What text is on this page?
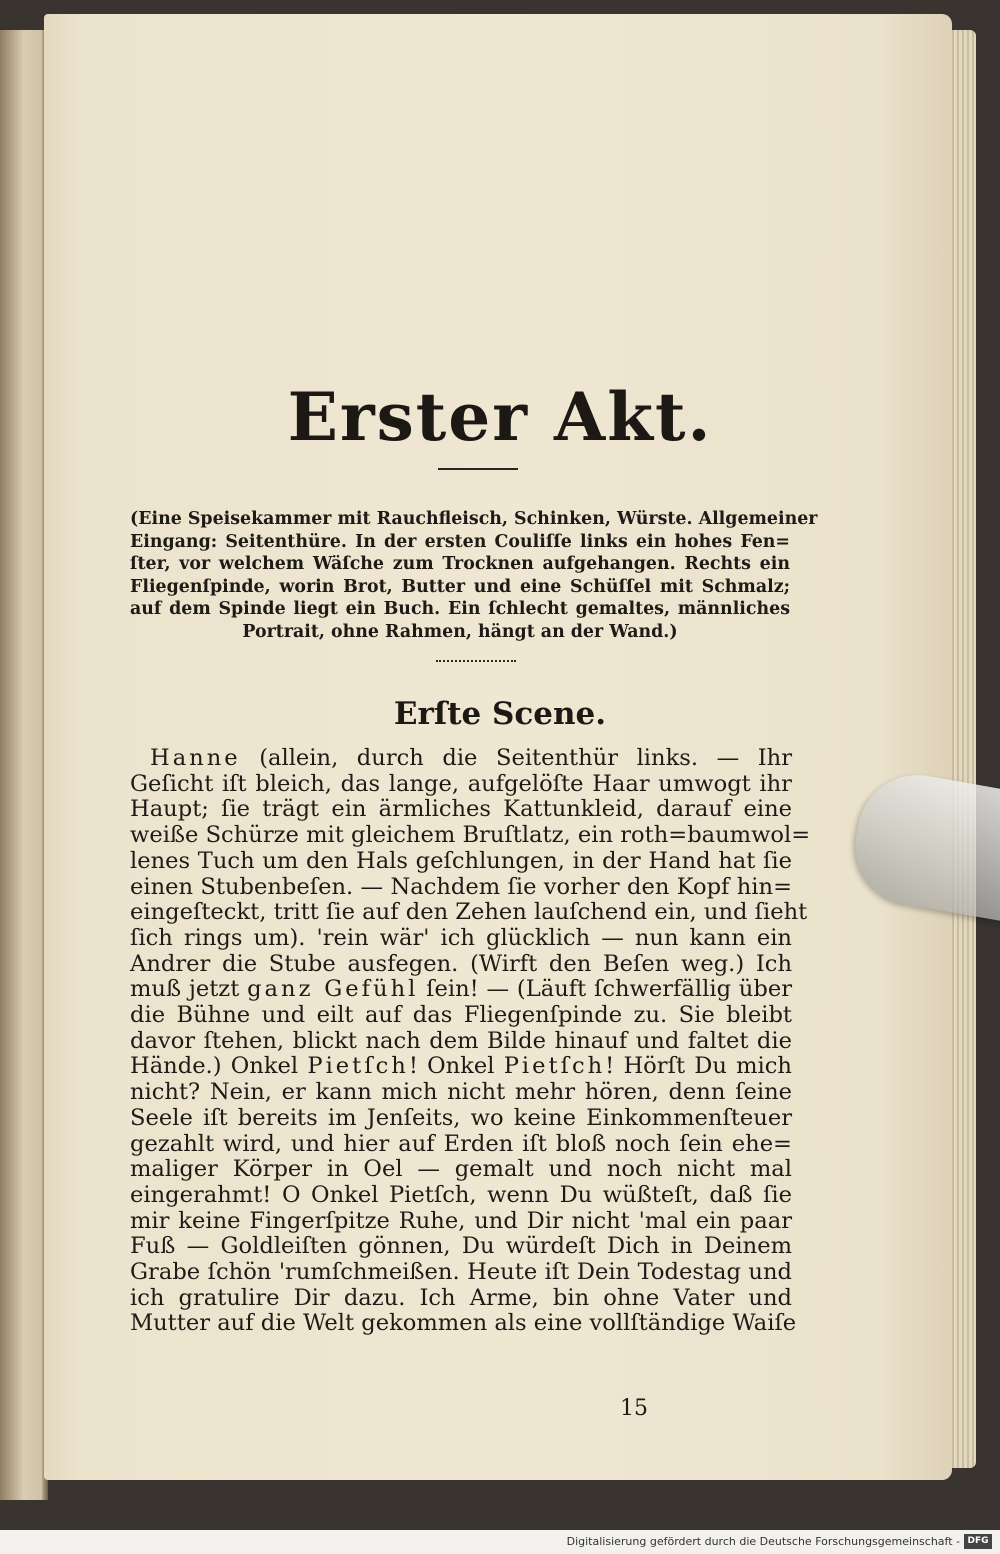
Erster Akt.
(Eine Speisekammer mit Rauchfleisch, Schinken, Würste. Allgemeiner
Eingang: Seitenthüre. In der ersten Couliſſe links ein hohes Fen=
ſter, vor welchem Wäſche zum Trocknen aufgehangen. Rechts ein
Fliegenſpinde, worin Brot, Butter und eine Schüſſel mit Schmalz;
auf dem Spinde liegt ein Buch. Ein ſchlecht gemaltes, männliches
Portrait, ohne Rahmen, hängt an der Wand.)
Erſte Scene.
Hanne (allein, durch die Seitenthür links. — Ihr
Geſicht iſt bleich, das lange, aufgelöſte Haar umwogt ihr
Haupt; ſie trägt ein ärmliches Kattunkleid, darauf eine
weiße Schürze mit gleichem Bruſtlatz, ein roth=baumwol=
lenes Tuch um den Hals geſchlungen, in der Hand hat ſie
einen Stubenbeſen. — Nachdem ſie vorher den Kopf hin=
eingeſteckt, tritt ſie auf den Zehen lauſchend ein, und ſieht
ſich rings um). 'rein wär' ich glücklich — nun kann ein
Andrer die Stube ausfegen. (Wirft den Beſen weg.) Ich
muß jetzt ganz Gefühl ſein! — (Läuft ſchwerfällig über
die Bühne und eilt auf das Fliegenſpinde zu. Sie bleibt
davor ſtehen, blickt nach dem Bilde hinauf und faltet die
Hände.) Onkel Pietſch! Onkel Pietſch! Hörſt Du mich
nicht? Nein, er kann mich nicht mehr hören, denn ſeine
Seele iſt bereits im Jenſeits, wo keine Einkommenſteuer
gezahlt wird, und hier auf Erden iſt bloß noch ſein ehe=
maliger Körper in Oel — gemalt und noch nicht mal
eingerahmt! O Onkel Pietſch, wenn Du wüßteſt, daß ſie
mir keine Fingerſpitze Ruhe, und Dir nicht 'mal ein paar
Fuß — Goldleiſten gönnen, Du würdeſt Dich in Deinem
Grabe ſchön 'rumſchmeißen. Heute iſt Dein Todestag und
ich gratulire Dir dazu. Ich Arme, bin ohne Vater und
Mutter auf die Welt gekommen als eine vollſtändige Waiſe
15
Digitalisierung gefördert durch die Deutsche Forschungsgemeinschaft - DFG
